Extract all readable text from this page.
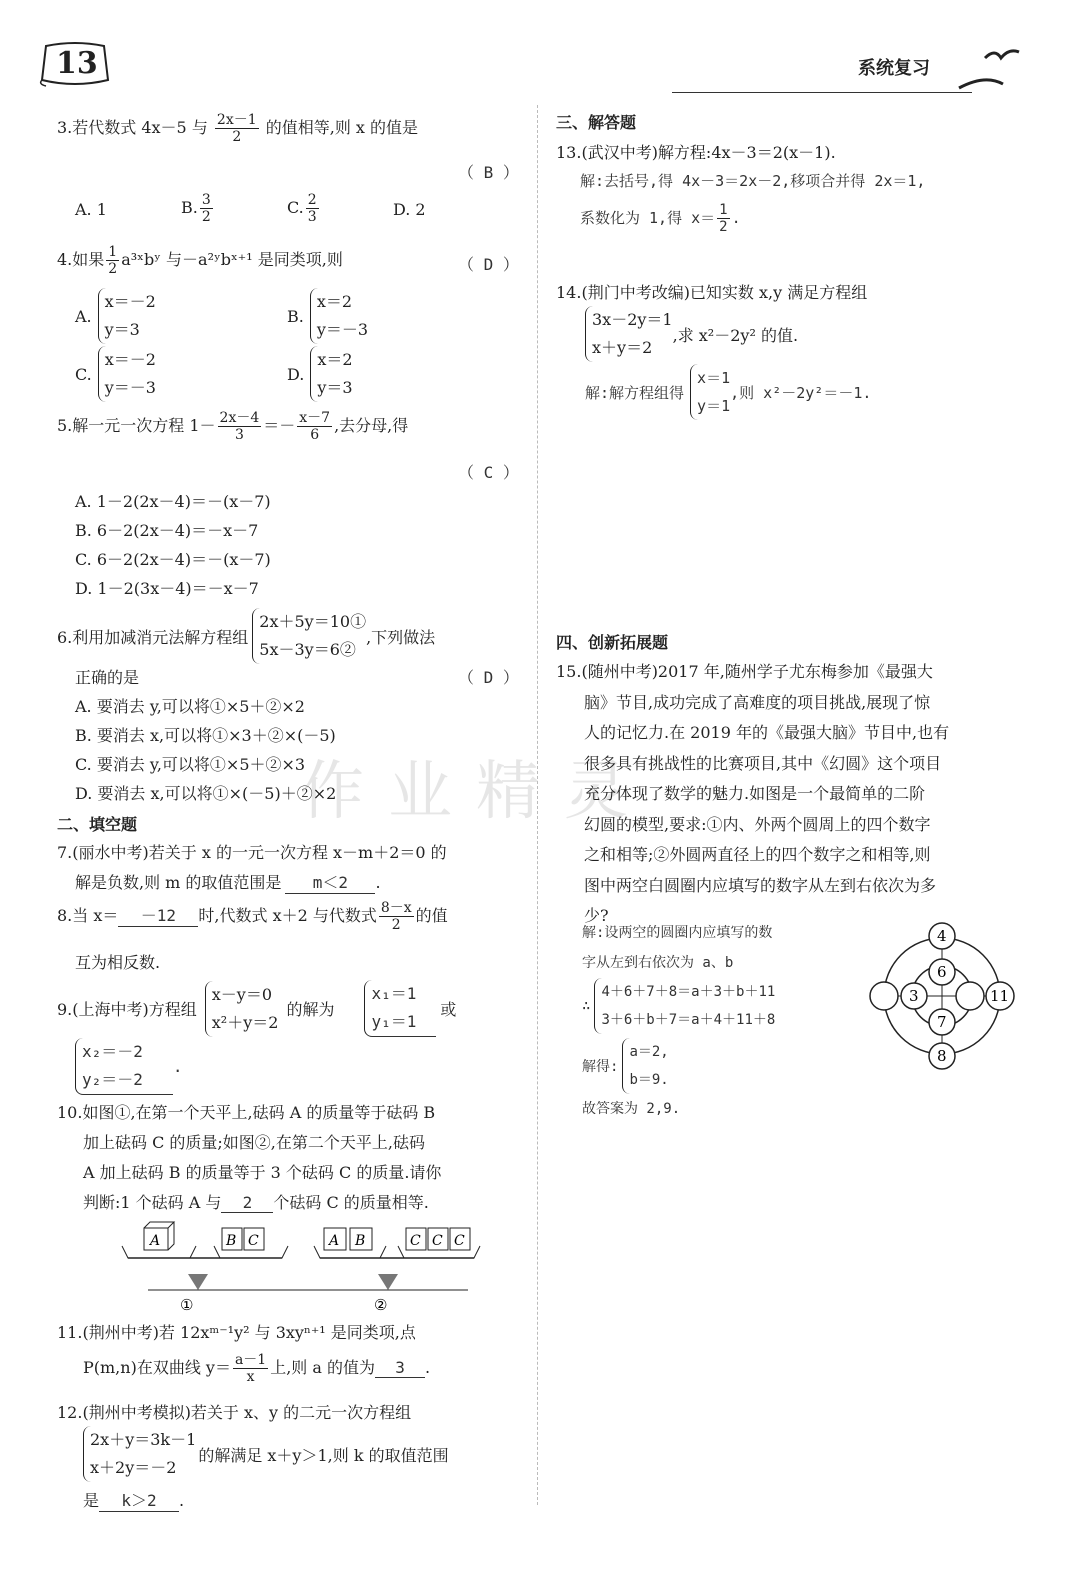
13	系统复习
作业精灵
3.若代数式 4x－5 与 $\frac{2x-1}{2}$ 的值相等,则 x 的值是
（ B ）
A. 1	B. $\frac{3}{2}$	C. $\frac{2}{3}$	D. 2
4.如果 $\frac{1}{2}$ a³ˣbʸ 与－a²ʸbˣ⁺¹ 是同类项,则	（ D ）
A.
x＝－2
y＝3
B.
x＝2
y＝－3
C.
x＝－2
y＝－3
D.
x＝2
y＝3
5.解一元一次方程 $1- \frac{2x-4}{3} =- \frac{x-7}{6}$ ,去分母,得
（ C ）
A. 1－2(2x－4)＝－(x－7)
B. 6－2(2x－4)＝－x－7
C. 6－2(2x－4)＝－(x－7)
D. 1－2(3x－4)＝－x－7
6.利用加减消元法解方程组
2x＋5y＝10①
5x－3y＝6②
,下列做法
正确的是	（ D ）
A. 要消去 y,可以将①×5＋②×2
B. 要消去 x,可以将①×3＋②×(－5)
C. 要消去 y,可以将①×5＋②×3
D. 要消去 x,可以将①×(－5)＋②×2
二、填空题
7.(丽水中考)若关于 x 的一元一次方程 x－m＋2＝0 的
解是负数,则 m 的取值范围是 m＜2 .
8.当 x＝ －12 时,代数式 x＋2 与代数式 $\frac{8-x}{2}$ 的值
互为相反数.
9.(上海中考)方程组
x－y＝0
x²＋y＝2
的解为
x₁＝1
y₁＝1
或
x₂＝－2
y₂＝－2
.
10.如图①,在第一个天平上,砝码 A 的质量等于砝码 B
加上砝码 C 的质量;如图②,在第二个天平上,砝码
A 加上砝码 B 的质量等于 3 个砝码 C 的质量.请你
判断:1 个砝码 A 与 2 个砝码 C 的质量相等.
A	B C	A B	C C C
①	②
11.(荆州中考)若 12xᵐ⁻¹y² 与 3xyⁿ⁺¹ 是同类项,点
P(m,n)在双曲线 $y= \frac{a-1}{x}$ 上,则 a 的值为 3 .
12.(荆州中考模拟)若关于 x、y 的二元一次方程组
2x＋y＝3k－1
x＋2y＝－2
的解满足 x＋y＞1,则 k 的取值范围
是 k＞2 .
三、解答题
13.(武汉中考)解方程:4x－3＝2(x－1).
解:去括号,得 4x－3＝2x－2,移项合并得 2x＝1,
系数化为 1,得 $x= \frac{1}{2}$ .
14.(荆门中考改编)已知实数 x,y 满足方程组
3x－2y＝1
x＋y＝2
,求 x²－2y² 的值.
解:解方程组得
x＝1
y＝1
,则 x²－2y²＝－1.
四、创新拓展题
15.(随州中考)2017 年,随州学子尤东梅参加《最强大
脑》节目,成功完成了高难度的项目挑战,展现了惊
人的记忆力.在 2019 年的《最强大脑》节目中,也有
很多具有挑战性的比赛项目,其中《幻圆》这个项目
充分体现了数学的魅力.如图是一个最简单的二阶
幻圆的模型,要求:①内、外两个圆周上的四个数字
之和相等;②外圆两直径上的四个数字之和相等,则
图中两空白圆圈内应填写的数字从左到右依次为多
少?
解:设两空的圆圈内应填写的数
字从左到右依次为 a、b
∴
4＋6＋7＋8＝a＋3＋b＋11
3＋6＋b＋7＝a＋4＋11＋8
解得:
a＝2,
b＝9.
故答案为 2,9.
4
6
3	11
7
8
